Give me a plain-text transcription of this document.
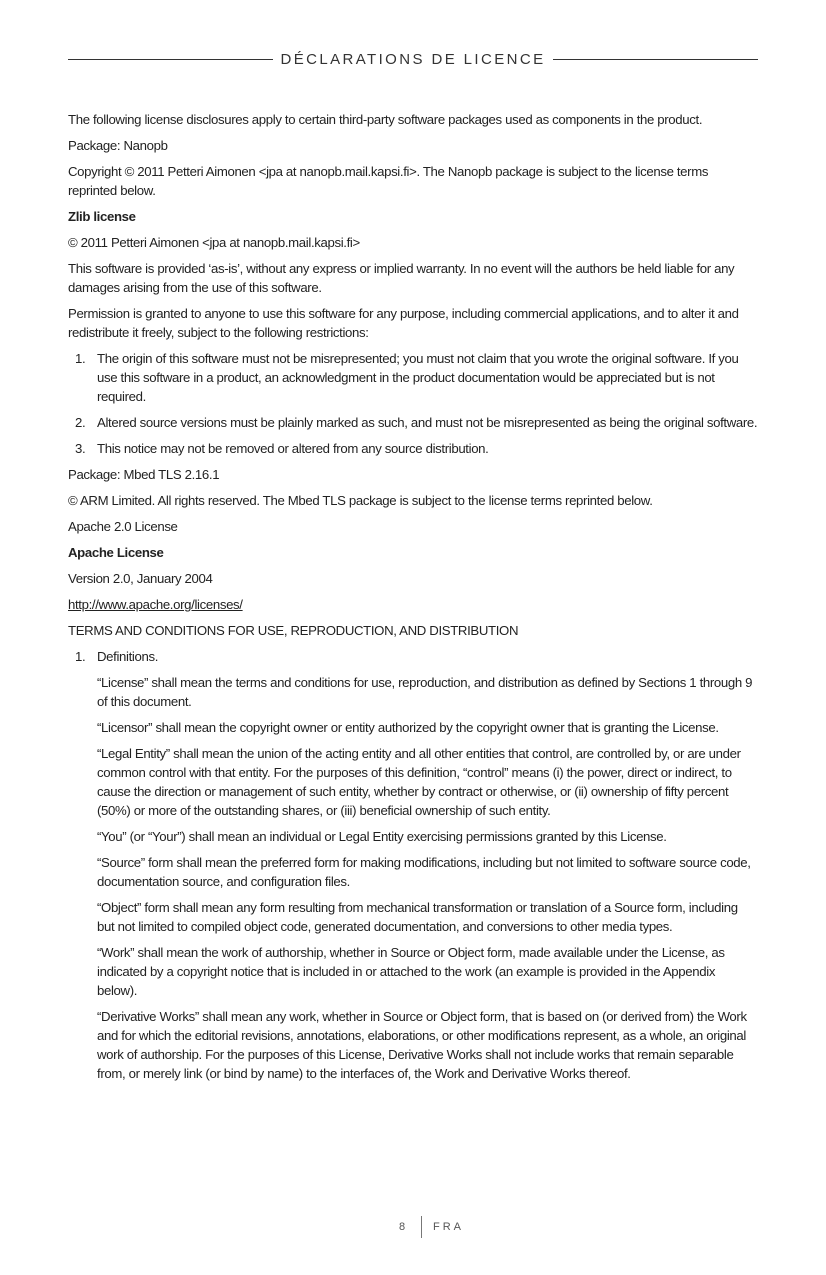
DÉCLARATIONS DE LICENCE

The following license disclosures apply to certain third-party software packages used as components in the product.

Package: Nanopb

Copyright © 2011 Petteri Aimonen <jpa at nanopb.mail.kapsi.fi>. The Nanopb package is subject to the license terms reprinted below.

Zlib license

© 2011 Petteri Aimonen <jpa at nanopb.mail.kapsi.fi>

This software is provided ‘as-is’, without any express or implied warranty. In no event will the authors be held liable for any damages arising from the use of this software.

Permission is granted to anyone to use this software for any purpose, including commercial applications, and to alter it and redistribute it freely, subject to the following restrictions:

1. The origin of this software must not be misrepresented; you must not claim that you wrote the original software. If you use this software in a product, an acknowledgment in the product documentation would be appreciated but is not required.
2. Altered source versions must be plainly marked as such, and must not be misrepresented as being the original software.
3. This notice may not be removed or altered from any source distribution.

Package: Mbed TLS 2.16.1

© ARM Limited. All rights reserved. The Mbed TLS package is subject to the license terms reprinted below.

Apache 2.0 License

Apache License

Version 2.0, January 2004

http://www.apache.org/licenses/

TERMS AND CONDITIONS FOR USE, REPRODUCTION, AND DISTRIBUTION

1. Definitions.

“License” shall mean the terms and conditions for use, reproduction, and distribution as defined by Sections 1 through 9 of this document.

“Licensor” shall mean the copyright owner or entity authorized by the copyright owner that is granting the License.

“Legal Entity” shall mean the union of the acting entity and all other entities that control, are controlled by, or are under common control with that entity. For the purposes of this definition, “control” means (i) the power, direct or indirect, to cause the direction or management of such entity, whether by contract or otherwise, or (ii) ownership of fifty percent (50%) or more of the outstanding shares, or (iii) beneficial ownership of such entity.

“You” (or “Your”) shall mean an individual or Legal Entity exercising permissions granted by this License.

“Source” form shall mean the preferred form for making modifications, including but not limited to software source code, documentation source, and configuration files.

“Object” form shall mean any form resulting from mechanical transformation or translation of a Source form, including but not limited to compiled object code, generated documentation, and conversions to other media types.

“Work” shall mean the work of authorship, whether in Source or Object form, made available under the License, as indicated by a copyright notice that is included in or attached to the work (an example is provided in the Appendix below).

“Derivative Works” shall mean any work, whether in Source or Object form, that is based on (or derived from) the Work and for which the editorial revisions, annotations, elaborations, or other modifications represent, as a whole, an original work of authorship. For the purposes of this License, Derivative Works shall not include works that remain separable from, or merely link (or bind by name) to the interfaces of, the Work and Derivative Works thereof.

8	FRA
